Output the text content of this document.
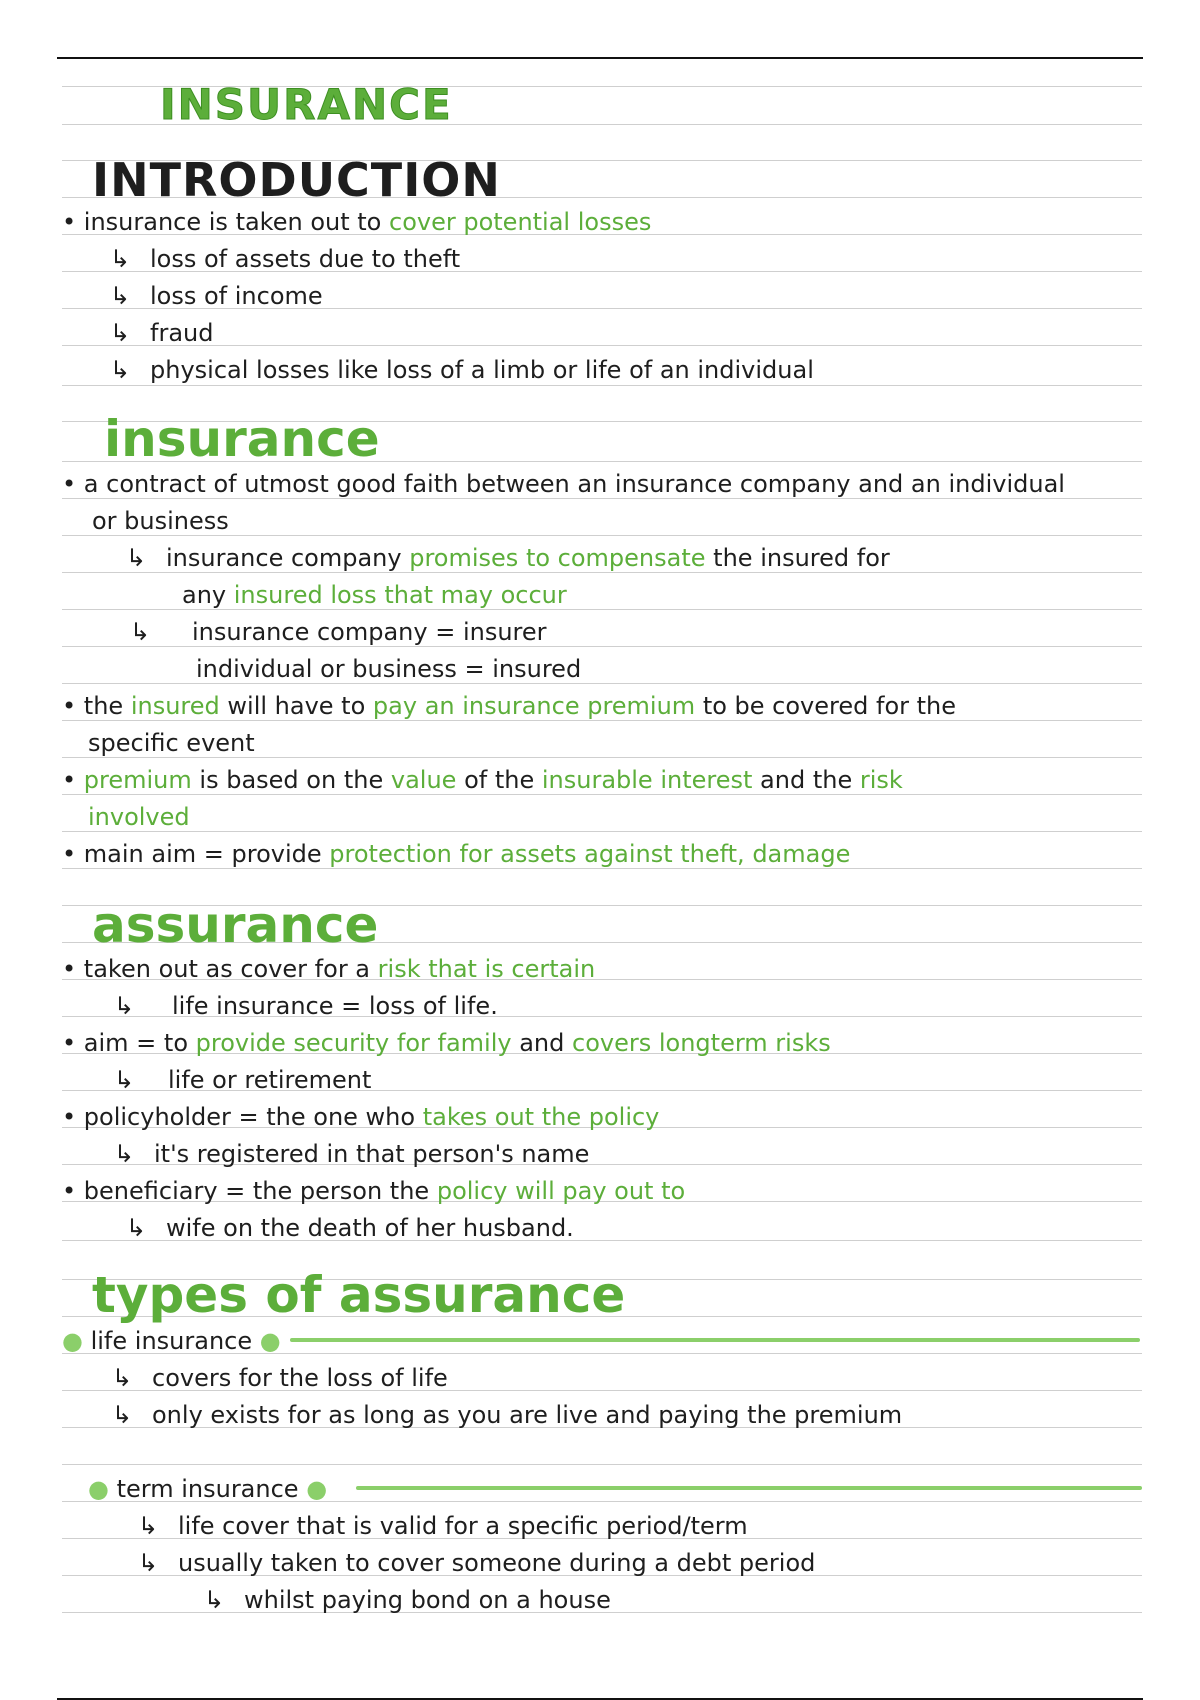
INSURANCE
INTRODUCTION
• insurance is taken out to cover potential losses
↳ loss of assets due to theft
↳ loss of income
↳ fraud
↳ physical losses like loss of a limb or life of an individual
insurance
• a contract of utmost good faith between an insurance company and an individual
or business
↳ insurance company promises to compensate the insured for
any insured loss that may occur
↳ insurance company = insurer
individual or business = insured
• the insured will have to pay an insurance premium to be covered for the
specific event
• premium is based on the value of the insurable interest and the risk
involved
• main aim = provide protection for assets against theft, damage
assurance
• taken out as cover for a risk that is certain
↳ life insurance = loss of life.
• aim = to provide security for family and covers longterm risks
↳ life or retirement
• policyholder = the one who takes out the policy
↳ it's registered in that person's name
• beneficiary = the person the policy will pay out to
↳ wife on the death of her husband.
types of assurance
● life insurance ●
↳ covers for the loss of life
↳ only exists for as long as you are live and paying the premium
● term insurance ●
↳ life cover that is valid for a specific period/term
↳ usually taken to cover someone during a debt period
↳ whilst paying bond on a house
